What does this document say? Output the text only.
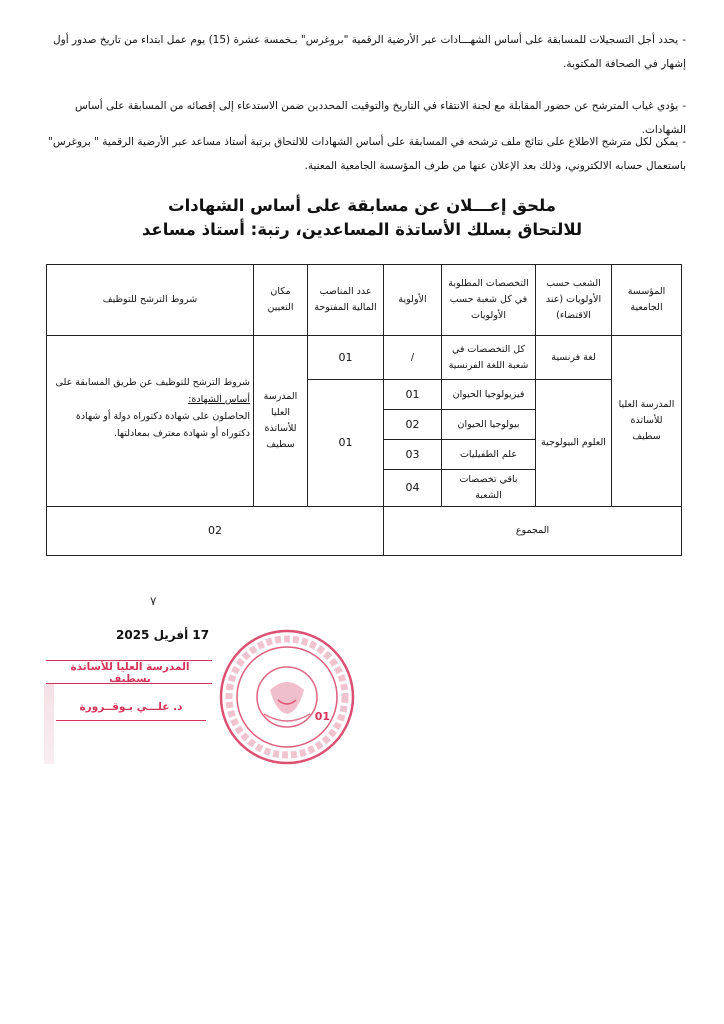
-يحدد أجل التسجيلات للمسابقة على أساس الشهـــادات عبر الأرضية الرقمية "بروغرس" بـخمسة عشرة (15) يوم عمل ابتداء من تاريخ صدور أول إشهار في الصحافة المكتوبة.
-يؤدي غياب المترشح عن حضور المقابلة مع لجنة الانتقاء في التاريخ والتوقيت المحددين ضمن الاستدعاء إلى إقصائه من المسابقة على أساس الشهادات.
-يمكن لكل مترشح الاطلاع على نتائج ملف ترشحه في المسابقة على أساس الشهادات للالتحاق برتبة أستاذ مساعد عبر الأرضية الرقمية " بروغرس" باستعمال حسابه الالكتروني، وذلك بعد الإعلان عنها من طرف المؤسسة الجامعية المعنية.
ملحق إعـــلان عن مسابقة على أساس الشهادات
للالتحاق بسلك الأساتذة المساعدين، رتبة: أستاذ مساعد
المؤسسة الجامعية	الشعب حسب الأولويات (عند الاقتضاء)	التخصصات المطلوبة في كل شعبة حسب الأولويات	الأولوية	عدد المناصب المالية المفتوحة	مكان التعيين	شروط الترشح للتوظيف
المدرسة العليا للأساتذة سطيف	لغة فرنسية	كل التخصصات في شعبة اللغة الفرنسية	/	01	المدرسة العليا للأساتذة سطيف	شروط الترشح للتوظيف عن طريق المسابقة على
أساس الشهادة:
الحاصلون على شهادة دكتوراه دولة أو شهادة دكتوراه أو شهادة معترف بمعادلتها.

	العلوم البيولوجية	فيزيولوجيا الحيوان	01	01		
		بيولوجيا الحيوان	02			
		علم الطفيليات	03			
		باقي تخصصات الشعبة	04			
المجموع				02		
٧
17 أفريل 2025
المدرسة العليا للأساتذة بسطيف
د. علـــي بـوقــرورة
01
